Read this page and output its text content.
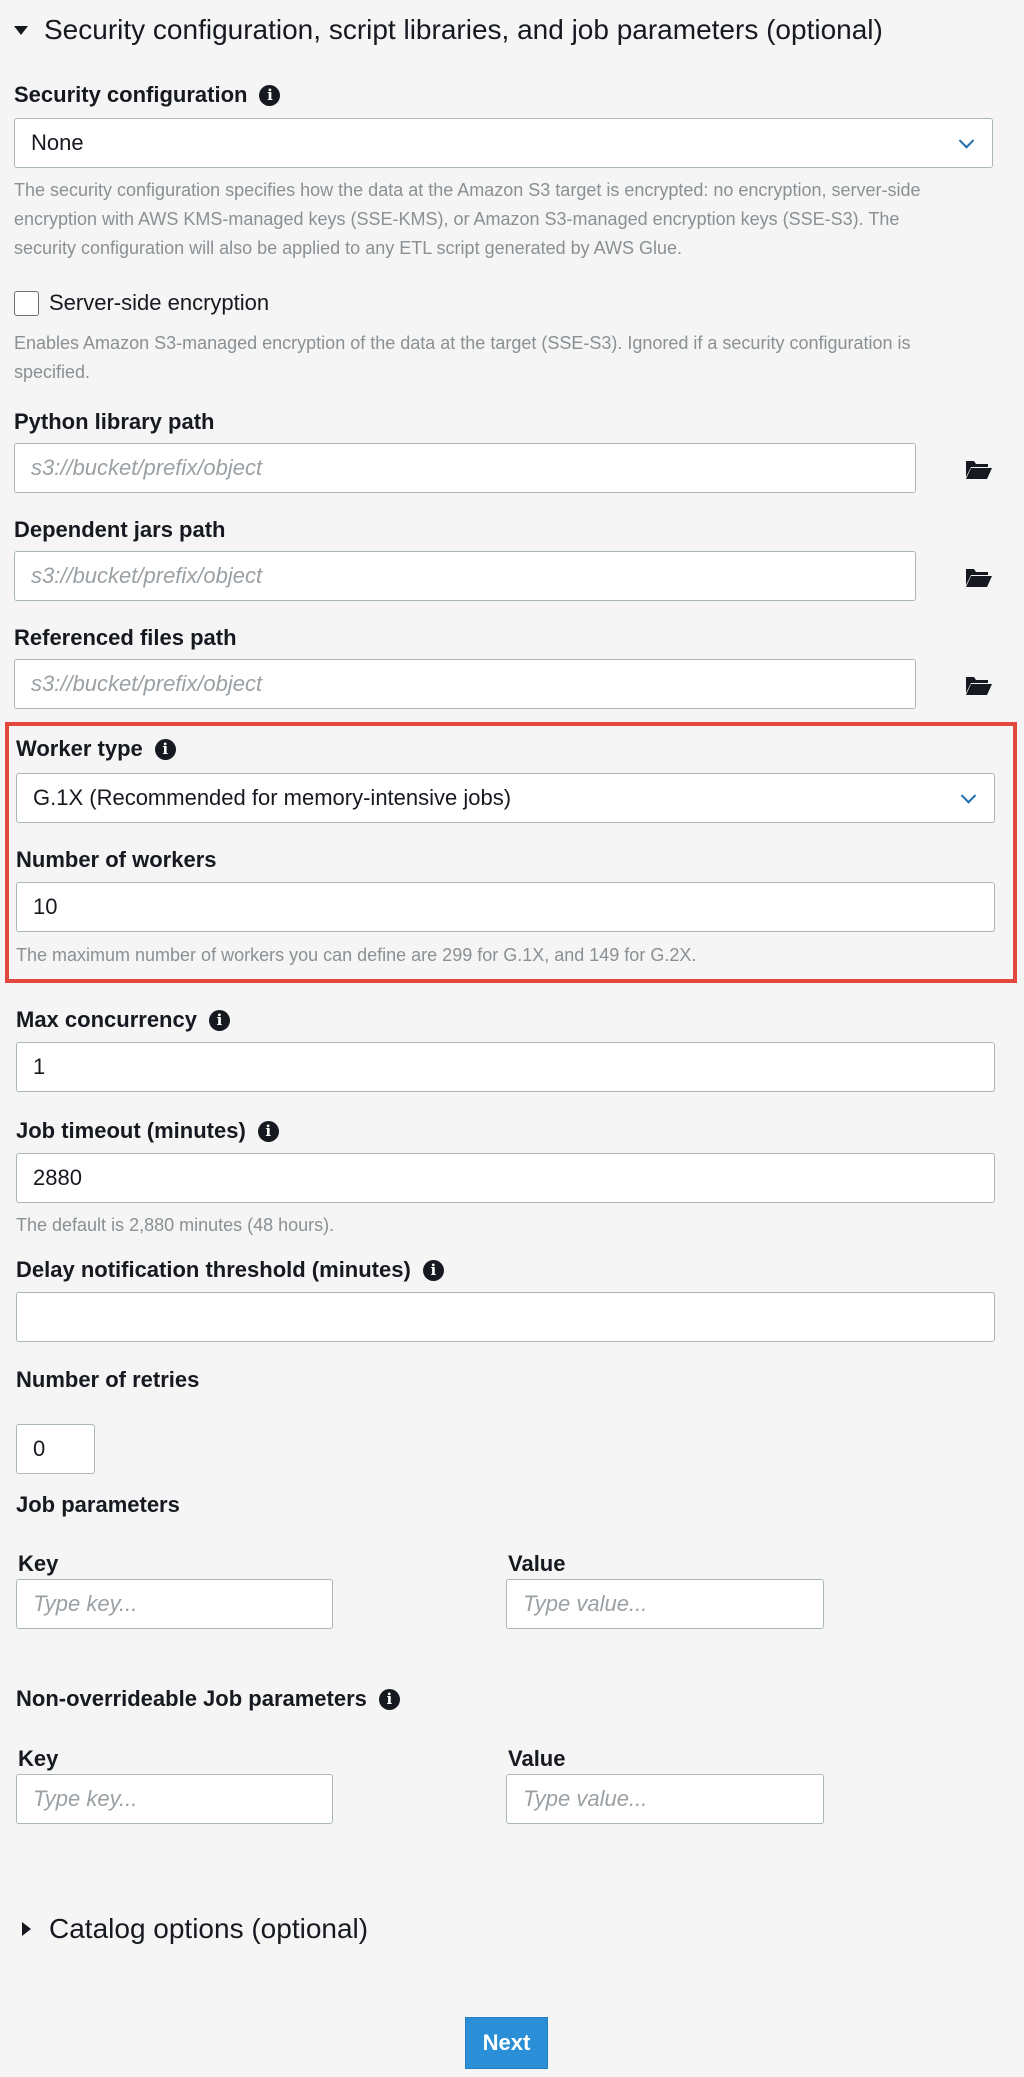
Security configuration, script libraries, and job parameters (optional)
Security configuration	i
None
The security configuration specifies how the data at the Amazon S3 target is encrypted: no encryption, server-side
encryption with AWS KMS-managed keys (SSE-KMS), or Amazon S3-managed encryption keys (SSE-S3). The
security configuration will also be applied to any ETL script generated by AWS Glue.
Server-side encryption
Enables Amazon S3-managed encryption of the data at the target (SSE-S3). Ignored if a security configuration is
specified.
Python library path
s3://bucket/prefix/object
Dependent jars path
s3://bucket/prefix/object
Referenced files path
s3://bucket/prefix/object
Worker type	i
G.1X (Recommended for memory-intensive jobs)
Number of workers
10
The maximum number of workers you can define are 299 for G.1X, and 149 for G.2X.
Max concurrency	i
1
Job timeout (minutes)	i
2880
The default is 2,880 minutes (48 hours).
Delay notification threshold (minutes)	i
Number of retries
0
Job parameters
Key	Value
Type key...
Type value...
Non-overrideable Job parameters	i
Key	Value
Type key...
Type value...
Catalog options (optional)
Next
